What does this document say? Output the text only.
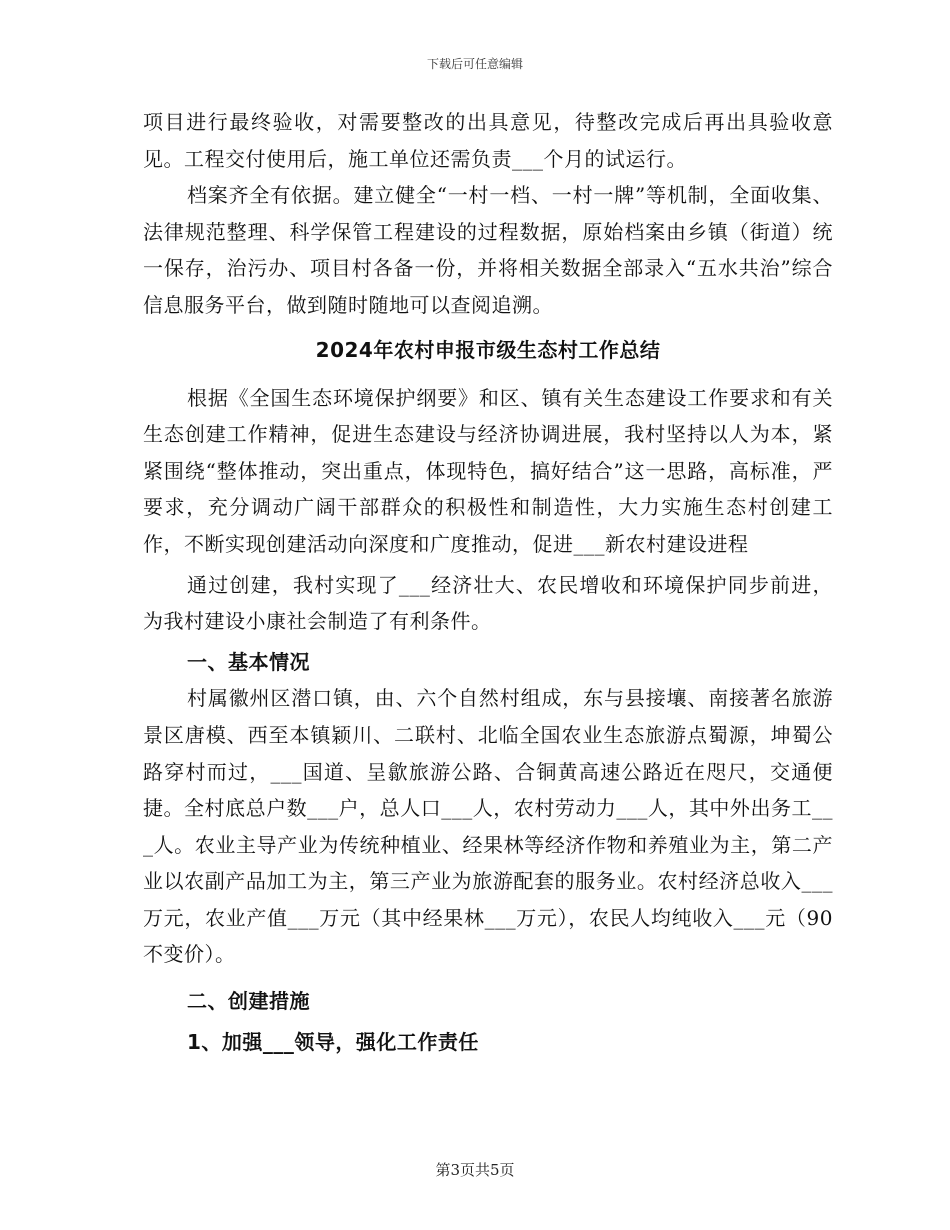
下载后可任意编辑

项目进行最终验收，对需要整改的出具意见，待整改完成后再出具验收意见。工程交付使用后，施工单位还需负责___个月的试运行。

档案齐全有依据。建立健全“一村一档、一村一牌”等机制，全面收集、法律规范整理、科学保管工程建设的过程数据，原始档案由乡镇（街道）统一保存，治污办、项目村各备一份，并将相关数据全部录入“五水共治”综合信息服务平台，做到随时随地可以查阅追溯。

2024年农村申报市级生态村工作总结

根据《全国生态环境保护纲要》和区、镇有关生态建设工作要求和有关生态创建工作精神，促进生态建设与经济协调进展，我村坚持以人为本，紧紧围绕“整体推动，突出重点，体现特色，搞好结合”这一思路，高标准，严要求，充分调动广阔干部群众的积极性和制造性，大力实施生态村创建工作，不断实现创建活动向深度和广度推动，促进___新农村建设进程

通过创建，我村实现了___经济壮大、农民增收和环境保护同步前进，为我村建设小康社会制造了有利条件。

一、基本情况

村属徽州区潜口镇，由、六个自然村组成，东与县接壤、南接著名旅游景区唐模、西至本镇颖川、二联村、北临全国农业生态旅游点蜀源，坤蜀公路穿村而过，___国道、呈歙旅游公路、合铜黄高速公路近在咫尺，交通便捷。全村底总户数___户，总人口___人，农村劳动力___人，其中外出务工___人。农业主导产业为传统种植业、经果林等经济作物和养殖业为主，第二产业以农副产品加工为主，第三产业为旅游配套的服务业。农村经济总收入___万元，农业产值___万元（其中经果林___万元），农民人均纯收入___元（90不变价）。

二、创建措施

1、加强___领导，强化工作责任

第3页共5页
